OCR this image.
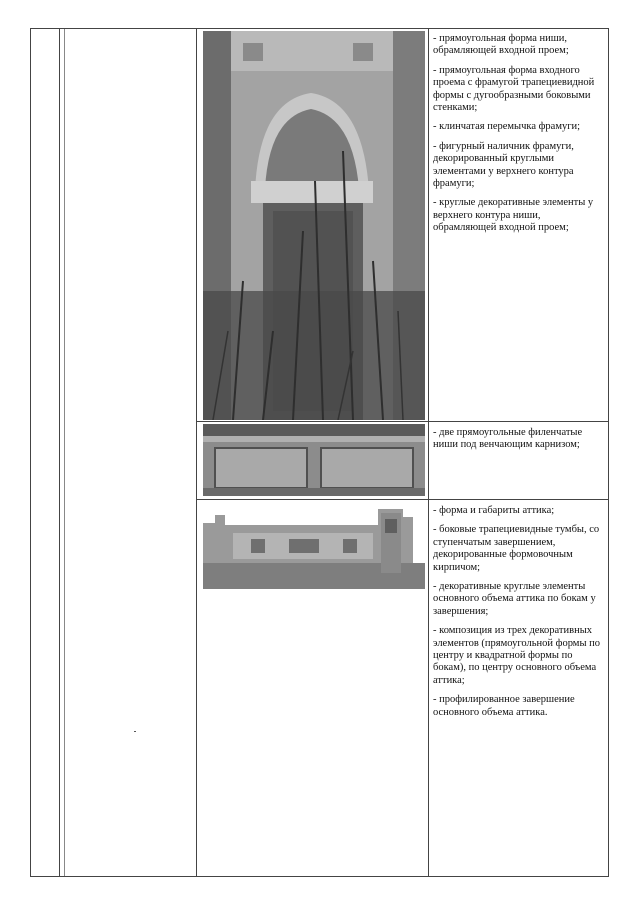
- прямоугольная форма ниши, обрамляющей входной проем;

- прямоугольная форма входного проема с фрамугой трапециевидной формы с дугообразными боковыми стенками;

- клинчатая перемычка фрамуги;

- фигурный наличник фрамуги, декорированный круглыми элементами у верхнего контура фрамуги;

- круглые декоративные элементы у верхнего контура ниши, обрамляющей входной проем;

- две прямоугольные филенчатые ниши под венчающим карнизом;

- форма и габариты аттика;

- боковые трапециевидные тумбы, со ступенчатым завершением, декорированные формовочным кирпичом;

- декоративные круглые элементы основного объема аттика по бокам у завершения;

- композиция из трех декоративных элементов (прямоугольной формы по центру и квадратной формы по бокам), по центру основного объема аттика;

- профилированное завершение основного объема аттика.
